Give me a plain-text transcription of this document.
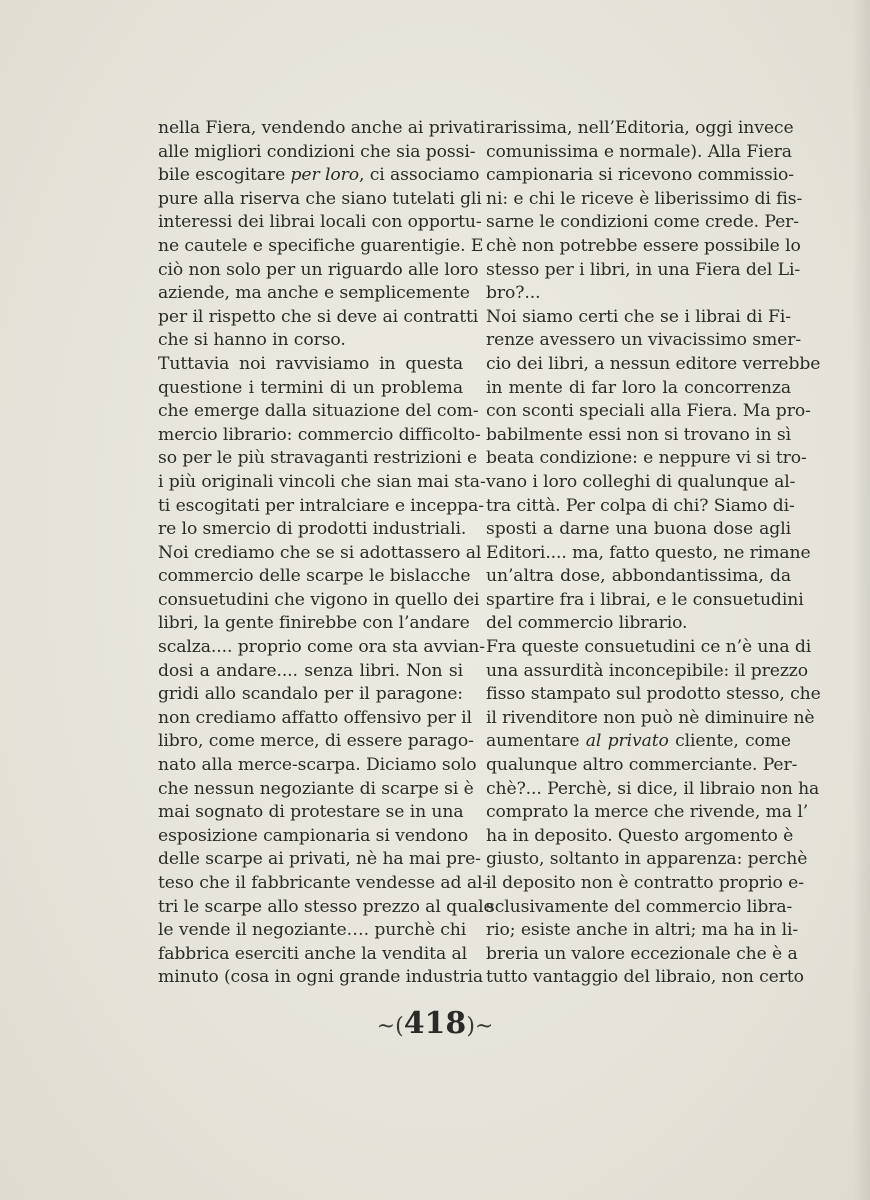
nella Fiera, vendendo anche ai privati
alle migliori condizioni che sia possi-
bile escogitare per loro, ci associamo
pure alla riserva che siano tutelati gli
interessi dei librai locali con opportu-
ne cautele e specifiche guarentigie. E
ciò non solo per un riguardo alle loro
aziende, ma anche e semplicemente
per il rispetto che si deve ai contratti
che si hanno in corso.
Tuttavia noi ravvisiamo in questa
questione i termini di un problema
che emerge dalla situazione del com-
mercio librario: commercio difficolto-
so per le più stravaganti restrizioni e
i più originali vincoli che sian mai sta-
ti escogitati per intralciare e inceppa-
re lo smercio di prodotti industriali.
Noi crediamo che se si adottassero al
commercio delle scarpe le bislacche
consuetudini che vigono in quello dei
libri, la gente finirebbe con l’andare
scalza.... proprio come ora sta avvian-
dosi a andare.... senza libri. Non si
gridi allo scandalo per il paragone:
non crediamo affatto offensivo per il
libro, come merce, di essere parago-
nato alla merce-scarpa. Diciamo solo
che nessun negoziante di scarpe si è
mai sognato di protestare se in una
esposizione campionaria si vendono
delle scarpe ai privati, nè ha mai pre-
teso che il fabbricante vendesse ad al-
tri le scarpe allo stesso prezzo al quale
le vende il negoziante…. purchè chi
fabbrica eserciti anche la vendita al
minuto (cosa in ogni grande industria
rarissima, nell’Editoria, oggi invece
comunissima e normale). Alla Fiera
campionaria si ricevono commissio-
ni: e chi le riceve è liberissimo di fis-
sarne le condizioni come crede. Per-
chè non potrebbe essere possibile lo
stesso per i libri, in una Fiera del Li-
bro?...
Noi siamo certi che se i librai di Fi-
renze avessero un vivacissimo smer-
cio dei libri, a nessun editore verrebbe
in mente di far loro la concorrenza
con sconti speciali alla Fiera. Ma pro-
babilmente essi non si trovano in sì
beata condizione: e neppure vi si tro-
vano i loro colleghi di qualunque al-
tra città. Per colpa di chi? Siamo di-
sposti a darne una buona dose agli
Editori.... ma, fatto questo, ne rimane
un’altra dose, abbondantissima, da
spartire fra i librai, e le consuetudini
del commercio librario.
Fra queste consuetudini ce n’è una di
una assurdità inconcepibile: il prezzo
fisso stampato sul prodotto stesso, che
il rivenditore non può nè diminuire nè
aumentare al privato cliente, come
qualunque altro commerciante. Per-
chè?... Perchè, si dice, il libraio non ha
comprato la merce che rivende, ma l’
ha in deposito. Questo argomento è
giusto, soltanto in apparenza: perchè
il deposito non è contratto proprio e-
sclusivamente del commercio libra-
rio; esiste anche in altri; ma ha in li-
breria un valore eccezionale che è a
tutto vantaggio del libraio, non certo
~(418)~
